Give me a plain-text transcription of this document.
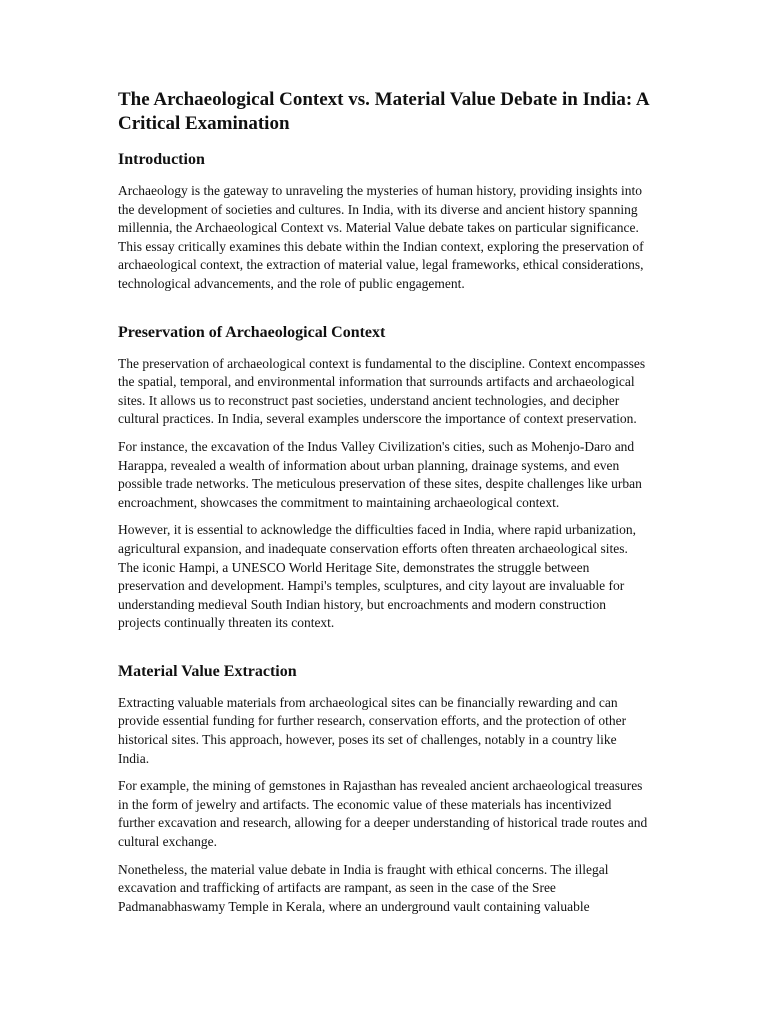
The Archaeological Context vs. Material Value Debate in India: A Critical Examination
Introduction

Archaeology is the gateway to unraveling the mysteries of human history, providing insights into the development of societies and cultures. In India, with its diverse and ancient history spanning millennia, the Archaeological Context vs. Material Value debate takes on particular significance. This essay critically examines this debate within the Indian context, exploring the preservation of archaeological context, the extraction of material value, legal frameworks, ethical considerations, technological advancements, and the role of public engagement.

Preservation of Archaeological Context

The preservation of archaeological context is fundamental to the discipline. Context encompasses the spatial, temporal, and environmental information that surrounds artifacts and archaeological sites. It allows us to reconstruct past societies, understand ancient technologies, and decipher cultural practices. In India, several examples underscore the importance of context preservation.

For instance, the excavation of the Indus Valley Civilization's cities, such as Mohenjo-Daro and Harappa, revealed a wealth of information about urban planning, drainage systems, and even possible trade networks. The meticulous preservation of these sites, despite challenges like urban encroachment, showcases the commitment to maintaining archaeological context.

However, it is essential to acknowledge the difficulties faced in India, where rapid urbanization, agricultural expansion, and inadequate conservation efforts often threaten archaeological sites. The iconic Hampi, a UNESCO World Heritage Site, demonstrates the struggle between preservation and development. Hampi's temples, sculptures, and city layout are invaluable for understanding medieval South Indian history, but encroachments and modern construction projects continually threaten its context.

Material Value Extraction

Extracting valuable materials from archaeological sites can be financially rewarding and can provide essential funding for further research, conservation efforts, and the protection of other historical sites. This approach, however, poses its set of challenges, notably in a country like India.

For example, the mining of gemstones in Rajasthan has revealed ancient archaeological treasures in the form of jewelry and artifacts. The economic value of these materials has incentivized further excavation and research, allowing for a deeper understanding of historical trade routes and cultural exchange.

Nonetheless, the material value debate in India is fraught with ethical concerns. The illegal excavation and trafficking of artifacts are rampant, as seen in the case of the Sree Padmanabhaswamy Temple in Kerala, where an underground vault containing valuable
